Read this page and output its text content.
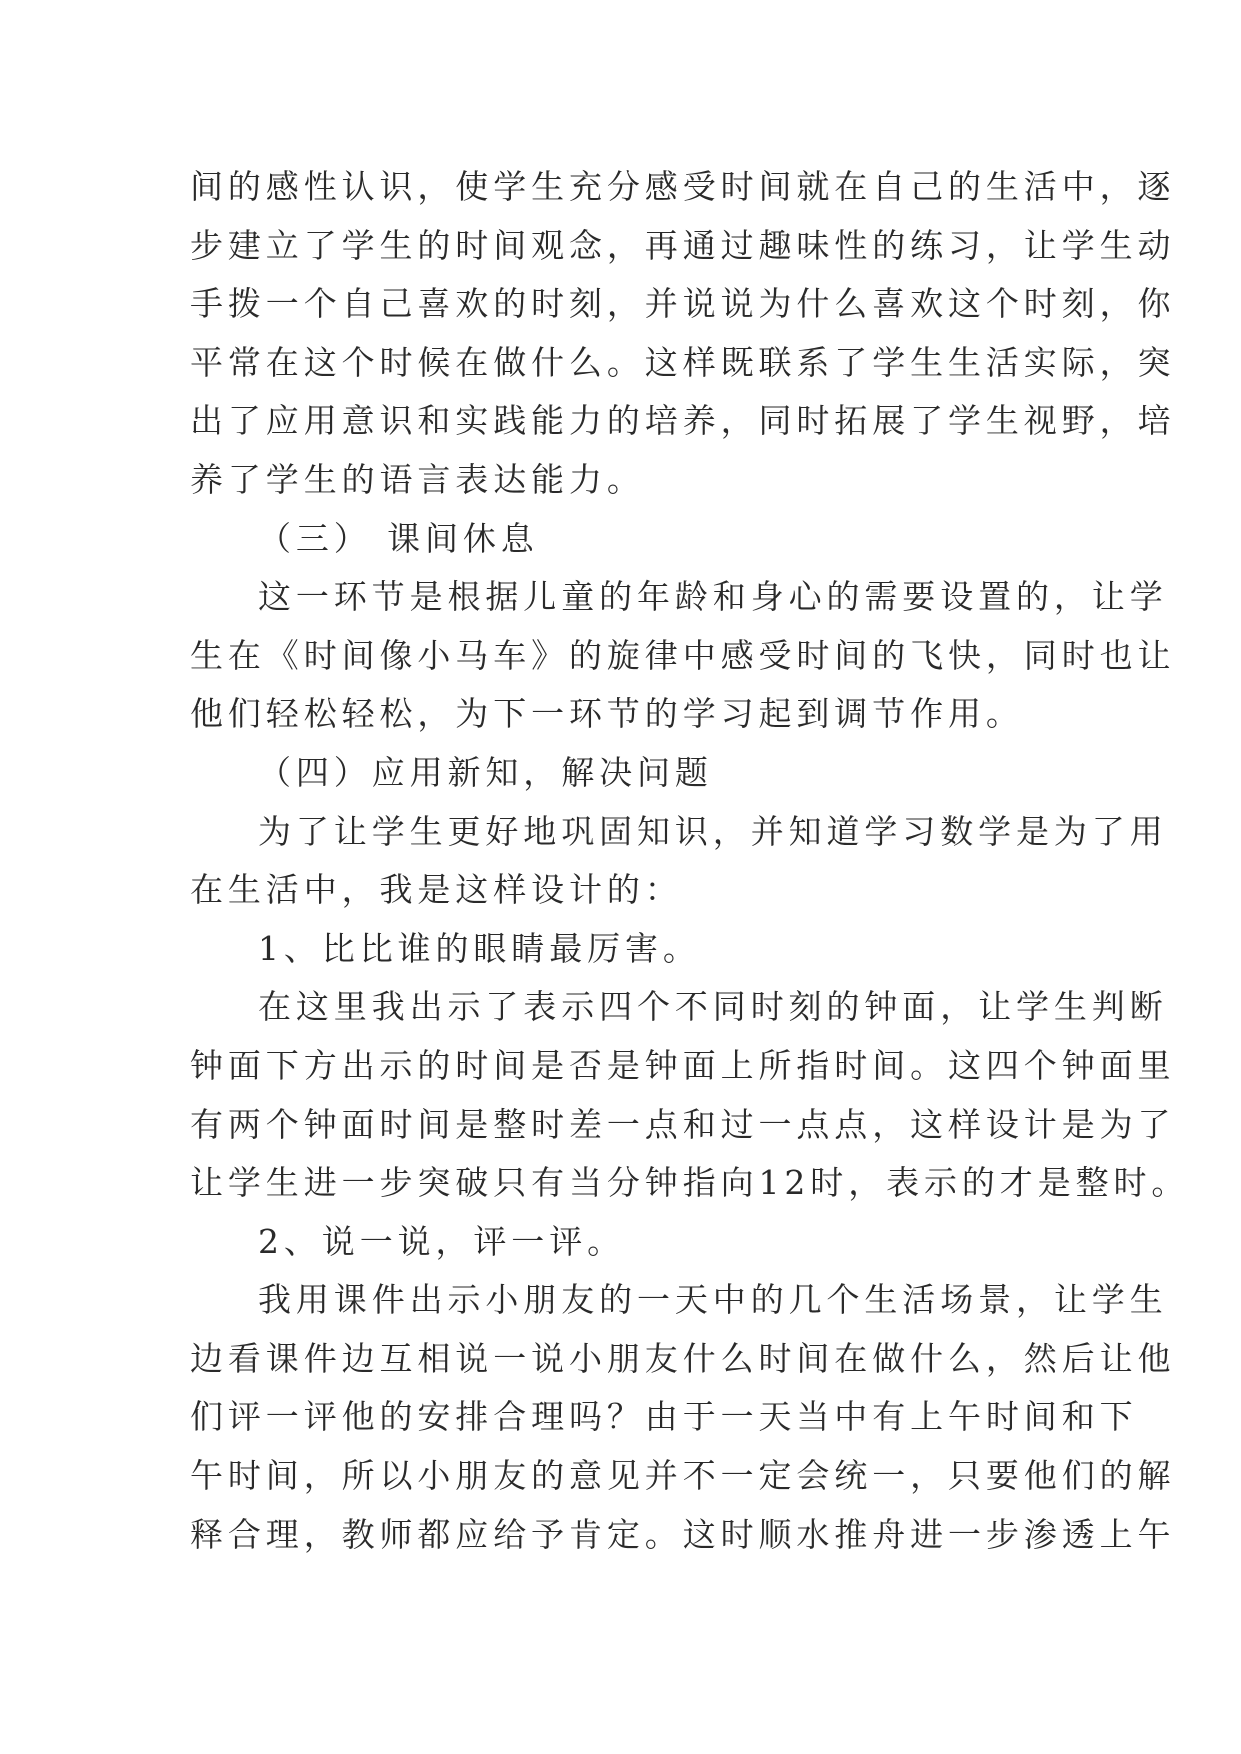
间的感性认识，使学生充分感受时间就在自己的生活中，逐
步建立了学生的时间观念，再通过趣味性的练习，让学生动
手拨一个自己喜欢的时刻，并说说为什么喜欢这个时刻，你
平常在这个时候在做什么。这样既联系了学生生活实际，突
出了应用意识和实践能力的培养，同时拓展了学生视野，培
养了学生的语言表达能力。
（三） 课间休息
这一环节是根据儿童的年龄和身心的需要设置的，让学
生在《时间像小马车》的旋律中感受时间的飞快，同时也让
他们轻松轻松，为下一环节的学习起到调节作用。
（四）应用新知，解决问题
为了让学生更好地巩固知识，并知道学习数学是为了用
在生活中，我是这样设计的：
1、比比谁的眼睛最厉害。
在这里我出示了表示四个不同时刻的钟面，让学生判断
钟面下方出示的时间是否是钟面上所指时间。这四个钟面里
有两个钟面时间是整时差一点和过一点点，这样设计是为了
让学生进一步突破只有当分钟指向12时，表示的才是整时。
2、说一说，评一评。
我用课件出示小朋友的一天中的几个生活场景，让学生
边看课件边互相说一说小朋友什么时间在做什么，然后让他
们评一评他的安排合理吗？由于一天当中有上午时间和下
午时间，所以小朋友的意见并不一定会统一，只要他们的解
释合理，教师都应给予肯定。这时顺水推舟进一步渗透上午
